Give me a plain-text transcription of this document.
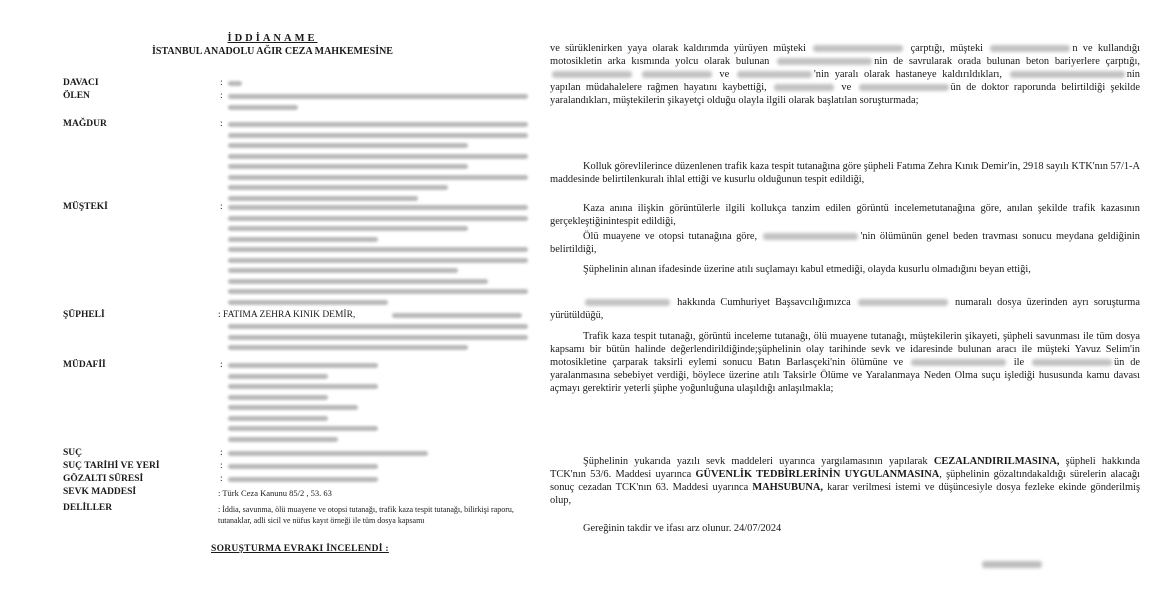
İDDİANAME
İSTANBUL ANADOLU AĞIR CEZA MAHKEMESİNE
DAVACI	:
ÖLEN	:
MAĞDUR	:
MÜŞTEKİ	:
ŞÜPHELİ	: FATIMA ZEHRA KINIK DEMİR,
MÜDAFİİ	:
SUÇ	:
SUÇ TARİHİ VE YERİ	:
GÖZALTI SÜRESİ	:
SEVK MADDESİ	: Türk Ceza Kanunu 85/2 , 53. 63
DELİLLER	: İddia, savunma, ölü muayene ve otopsi tutanağı, trafik kaza tespit tutanağı, bilirkişi raporu, tutanaklar, adli sicil ve nüfus kayıt örneği ile tüm dosya kapsamı
SORUŞTURMA EVRAKI İNCELENDİ :
ve sürüklenirken yaya olarak kaldırımda yürüyen müşteki	çarptığı, müşteki	n ve kullandığı motosikletin arka kısmında yolcu olarak bulunan	nin de savrularak orada bulunan beton bariyerlere çarptığı,   ve	'nin yaralı olarak hastaneye kaldırıldıkları,	nin yapılan müdahalelere rağmen hayatını kaybettiği,	ve	ün de doktor raporunda belirtildiği şekilde yaralandıkları, müştekilerin şikayetçi olduğu olayla ilgili olarak başlatılan soruşturmada;
Kolluk görevlilerince düzenlenen trafik kaza tespit tutanağına göre şüpheli Fatıma Zehra Kınık Demir'in, 2918 sayılı KTK'nın 57/1-A maddesinde belirtilenkuralı ihlal ettiği ve kusurlu olduğunun tespit edildiği,
Kaza anına ilişkin görüntülerle ilgili kollukça tanzim edilen görüntü incelemetutanağına göre, anılan şekilde trafik kazasının gerçekleştiğinintespit edildiği,
Ölü muayene ve otopsi tutanağına göre,	'nin ölümünün genel beden travması sonucu meydana geldiğinin belirtildiği,
Şüphelinin alınan ifadesinde üzerine atılı suçlamayı kabul etmediği, olayda kusurlu olmadığını beyan ettiği,
hakkında Cumhuriyet Başsavcılığımızca	numaralı dosya üzerinden ayrı soruşturma yürütüldüğü,
Trafik kaza tespit tutanağı, görüntü inceleme tutanağı, ölü muayene tutanağı, müştekilerin şikayeti, şüpheli savunması ile tüm dosya kapsamı bir bütün halinde değerlendirildiğinde;şüphelinin olay tarihinde sevk ve idaresinde bulunan aracı ile müşteki Yavuz Selim'in motosikletine çarparak taksirli eylemi sonucu Batın Barlasçeki'nin ölümüne ve	ile	ün de yaralanmasına sebebiyet verdiği, böylece üzerine atılı Taksirle Ölüme ve Yaralanmaya Neden Olma suçu işlediği hususunda kamu davası açmayı gerektirir yeterli şüphe yoğunluğuna ulaşıldığı anlaşılmakla;
Şüphelinin yukarıda yazılı sevk maddeleri uyarınca yargılamasının yapılarak CEZALANDIRILMASINA, şüpheli hakkında TCK'nın 53/6. Maddesi uyarınca GÜVENLİK TEDBİRLERİNİN UYGULANMASINA, şüphelinin gözaltındakaldığı sürelerin alacağı sonuç cezadan TCK'nın 63. Maddesi uyarınca MAHSUBUNA, karar verilmesi istemi ve düşüncesiyle dosya fezleke ekinde gönderilmiş olup,
Gereğinin takdir ve ifası arz olunur. 24/07/2024
